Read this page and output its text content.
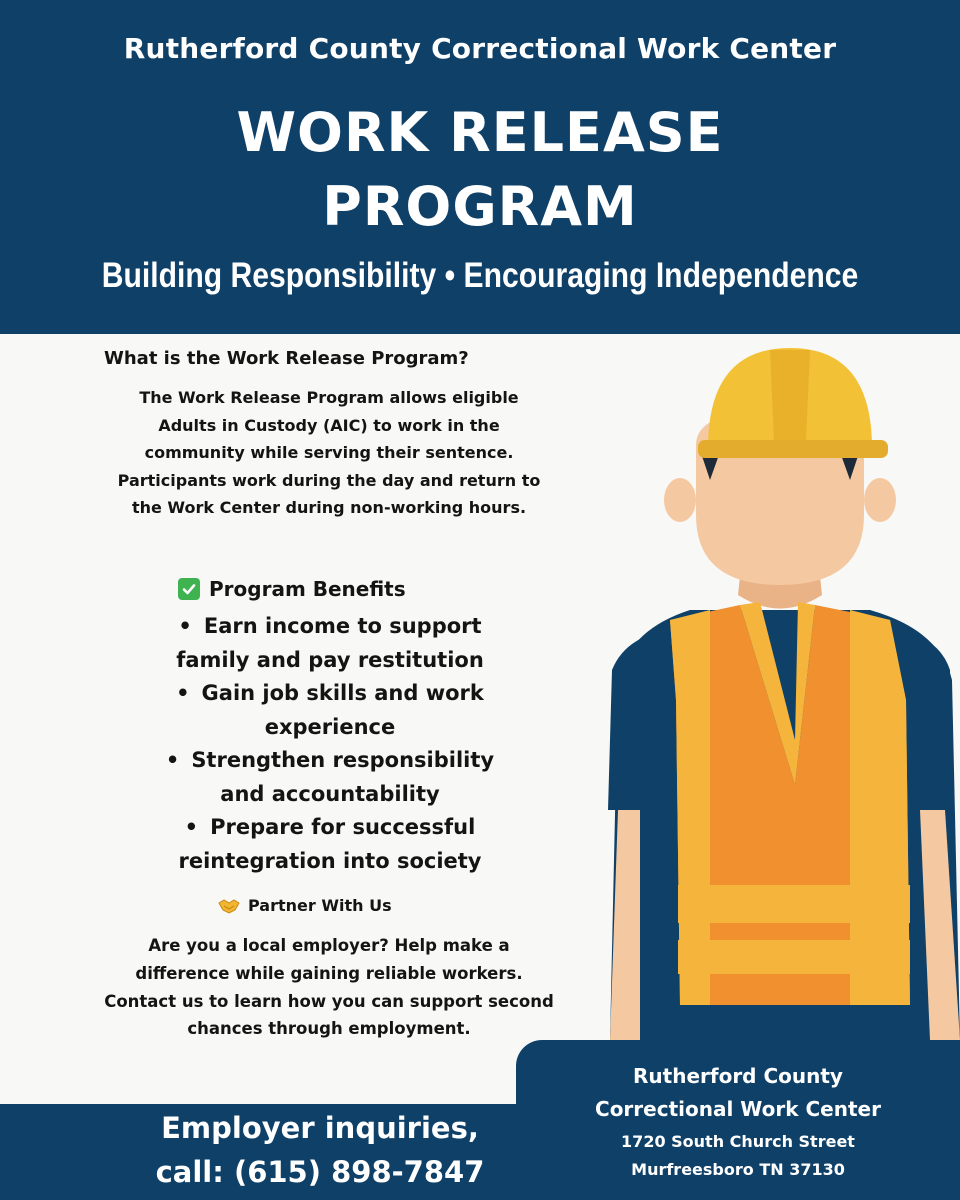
Rutherford County Correctional Work Center
WORK RELEASE
PROGRAM
Building Responsibility • Encouraging Independence
What is the Work Release Program?
The Work Release Program allows eligible Adults in Custody (AIC) to work in the community while serving their sentence. Participants work during the day and return to the Work Center during non-working hours.
Program Benefits
• Earn income to support
family and pay restitution
• Gain job skills and work
experience
• Strengthen responsibility
and accountability
• Prepare for successful
reintegration into society
Partner With Us
Are you a local employer? Help make a difference while gaining reliable workers. Contact us to learn how you can support second chances through employment.
Employer inquiries,
call: (615) 898-7847
Rutherford County
Correctional Work Center
1720 South Church Street
Murfreesboro TN 37130
